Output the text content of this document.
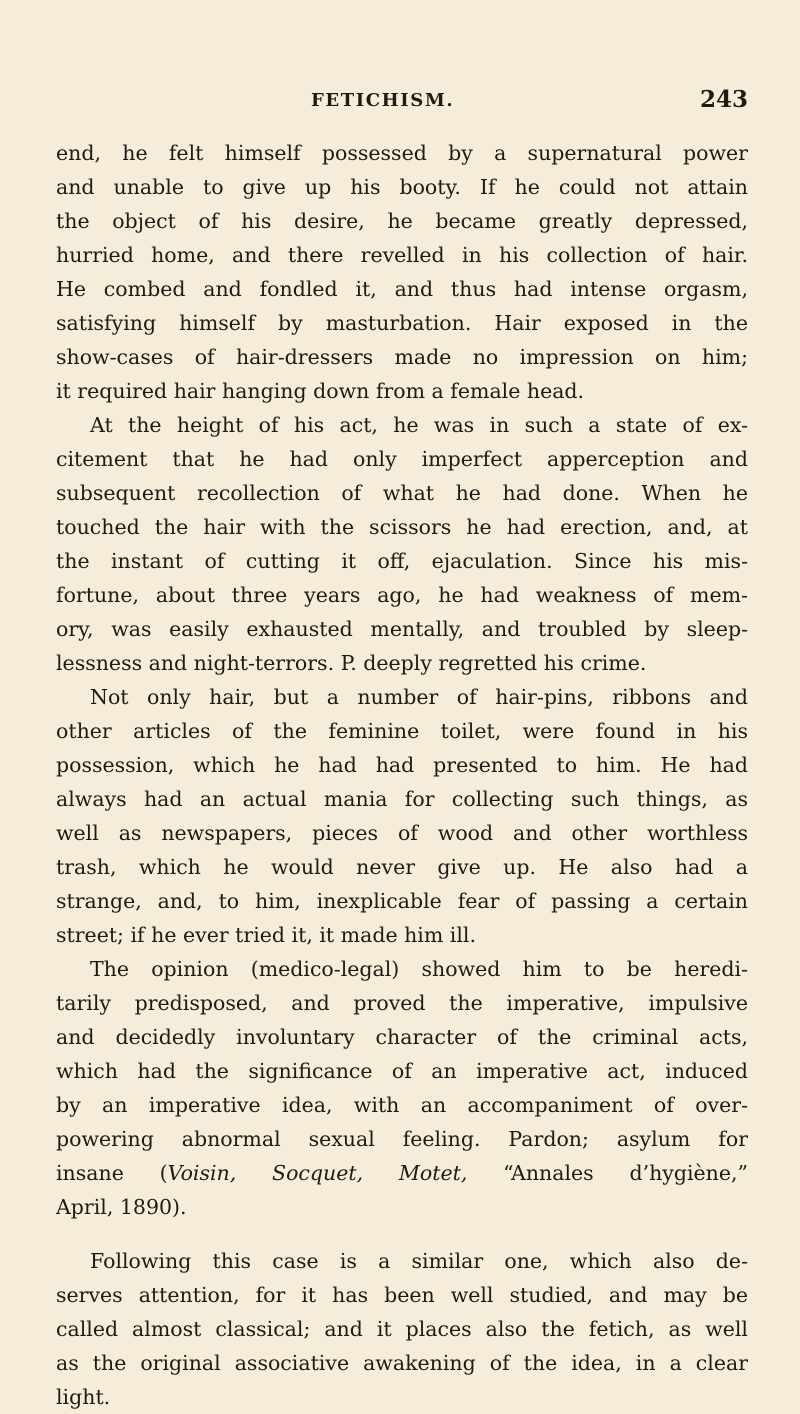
FETICHISM.	243
end, he felt himself possessed by a supernatural power
and unable to give up his booty. If he could not attain
the object of his desire, he became greatly depressed,
hurried home, and there revelled in his collection of hair.
He combed and fondled it, and thus had intense orgasm,
satisfying himself by masturbation. Hair exposed in the
show-cases of hair-dressers made no impression on him;
it required hair hanging down from a female head.
At the height of his act, he was in such a state of ex-
citement that he had only imperfect apperception and
subsequent recollection of what he had done. When he
touched the hair with the scissors he had erection, and, at
the instant of cutting it off, ejaculation. Since his mis-
fortune, about three years ago, he had weakness of mem-
ory, was easily exhausted mentally, and troubled by sleep-
lessness and night-terrors. P. deeply regretted his crime.
Not only hair, but a number of hair-pins, ribbons and
other articles of the feminine toilet, were found in his
possession, which he had had presented to him. He had
always had an actual mania for collecting such things, as
well as newspapers, pieces of wood and other worthless
trash, which he would never give up. He also had a
strange, and, to him, inexplicable fear of passing a certain
street; if he ever tried it, it made him ill.
The opinion (medico-legal) showed him to be heredi-
tarily predisposed, and proved the imperative, impulsive
and decidedly involuntary character of the criminal acts,
which had the significance of an imperative act, induced
by an imperative idea, with an accompaniment of over-
powering abnormal sexual feeling. Pardon; asylum for
insane (Voisin, Socquet, Motet, “Annales d’hygiène,”
April, 1890).
Following this case is a similar one, which also de-
serves attention, for it has been well studied, and may be
called almost classical; and it places also the fetich, as well
as the original associative awakening of the idea, in a clear
light.
